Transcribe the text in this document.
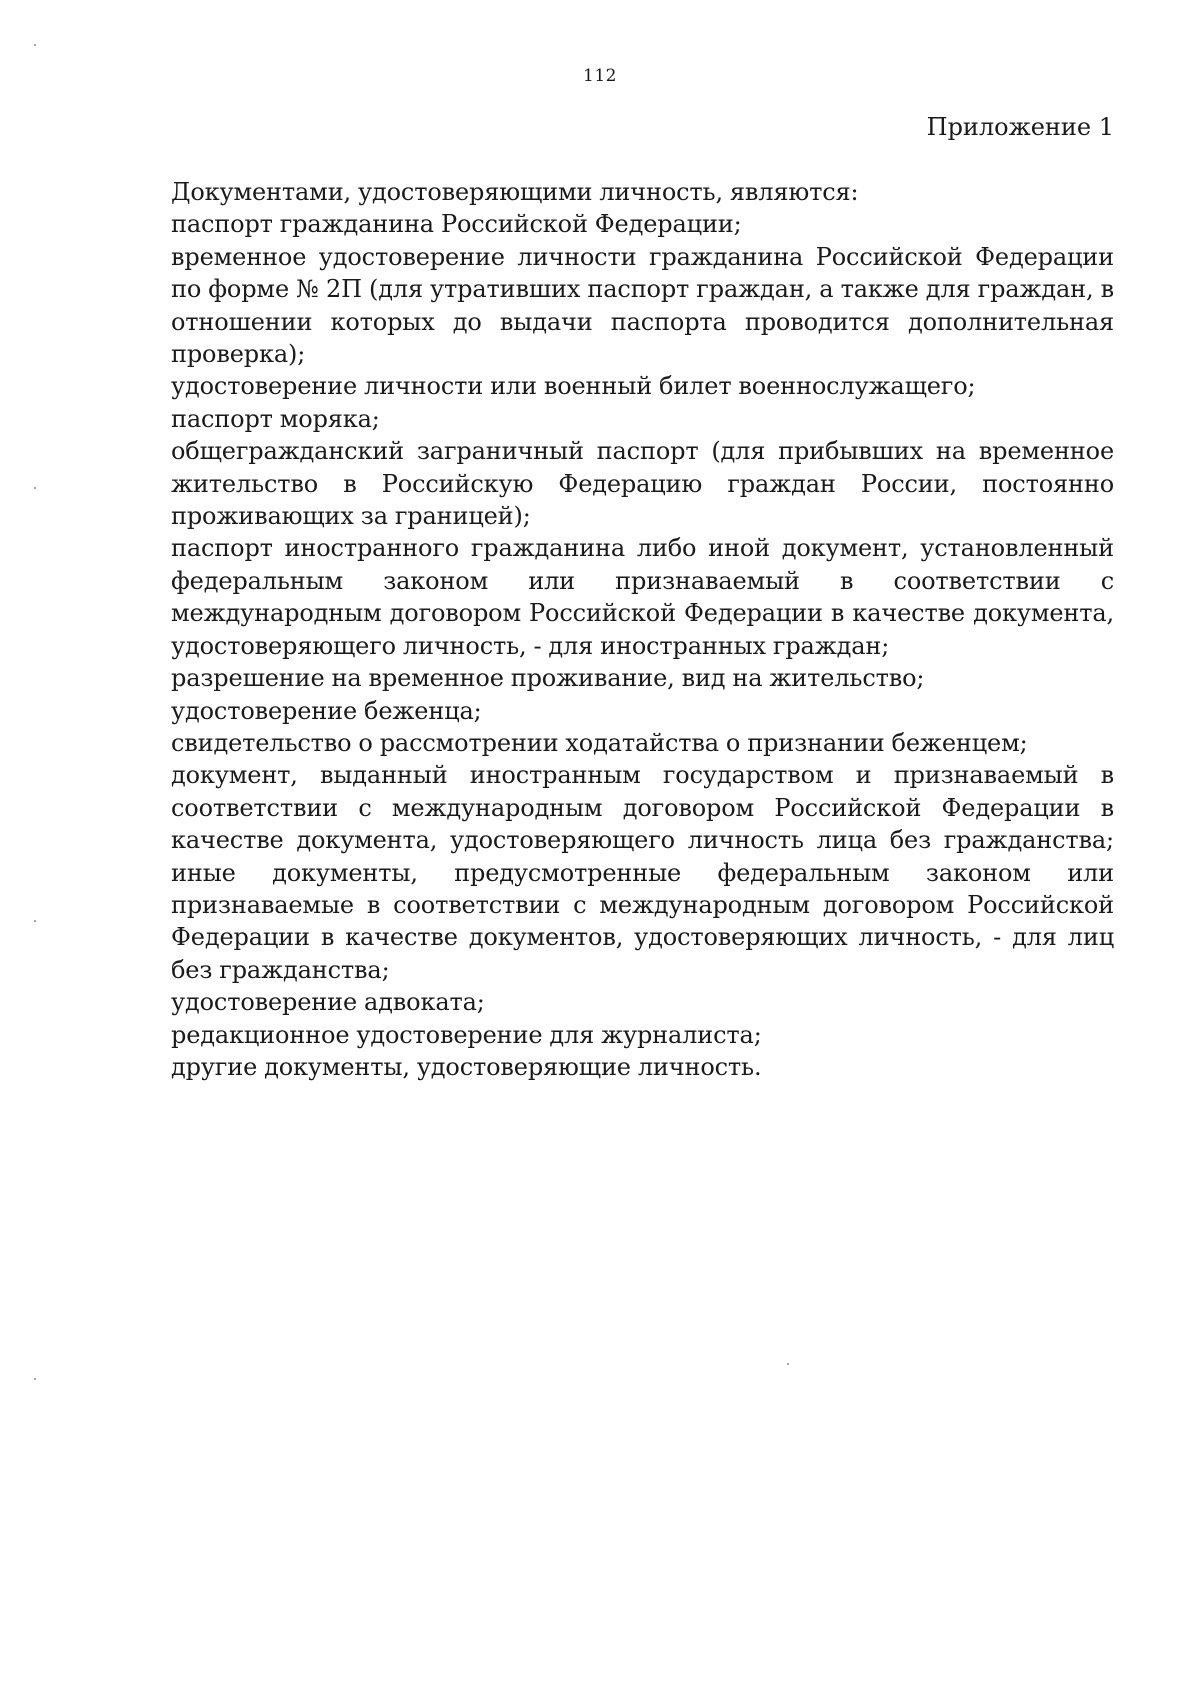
112
Приложение 1

Документами, удостоверяющими личность, являются:

паспорт гражданина Российской Федерации;

временное удостоверение личности гражданина Российской Федерации по форме № 2П (для утративших паспорт граждан, а также для граждан, в отношении которых до выдачи паспорта проводится дополнительная проверка);

удостоверение личности или военный билет военнослужащего;

паспорт моряка;

общегражданский заграничный паспорт (для прибывших на временное жительство в Российскую Федерацию граждан России, постоянно проживающих за границей);

паспорт иностранного гражданина либо иной документ, установленный федеральным законом или признаваемый в соответствии с международным договором Российской Федерации в качестве документа, удостоверяющего личность, - для иностранных граждан;

разрешение на временное проживание, вид на жительство;

удостоверение беженца;

свидетельство о рассмотрении ходатайства о признании беженцем;

документ, выданный иностранным государством и признаваемый в соответствии с международным договором Российской Федерации в качестве документа, удостоверяющего личность лица без гражданства; иные документы, предусмотренные федеральным законом или признаваемые в соответствии с международным договором Российской Федерации в качестве документов, удостоверяющих личность, - для лиц без гражданства;

удостоверение адвоката;

редакционное удостоверение для журналиста;

другие документы, удостоверяющие личность.
